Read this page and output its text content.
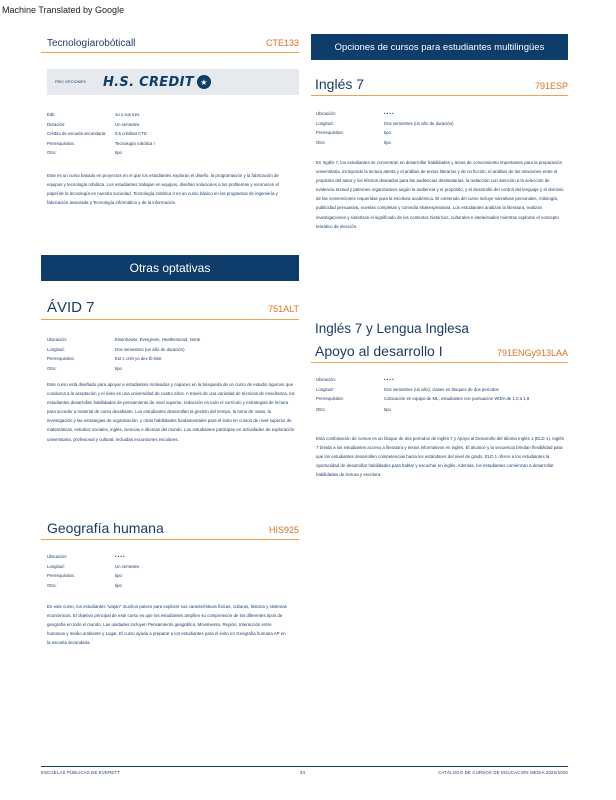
Machine Translated by Google
Tecnologíarobóticall	CTE133
PRO OPCIONES	H.S. CREDIT ★
Edit	1o s sus tres
Duración:	Un semestre
Crédito de escuela secundaria:	0,5 créditos CTE
Prerrequisitos:	Tecnología robótica I
Otro:	tipo
Este es un curso basado en proyectos en el que los estudiantes exploran el diseño, la programación y la fabricación de equipos y tecnología robótica. Los estudiantes trabajan en equipos, diseñan soluciones a los problemas y reconocen el papel de la tecnología en nuestra sociedad. Tecnología robótica II es un curso básico en los programas de ingeniería y fabricación avanzada y Tecnología informática y de la información.
Otras optativas
ÁVID 7	751ALT
Ubicación:	Eisenhower, Evergreen, Heatherwood, Norte
Longitud:	Dos semestres (un año de duración)
Prerrequisitos:	Ext s crsh yo dev tb limit
Otro:	tipo
Este curso está diseñado para apoyar a estudiantes motivados y capaces en la búsqueda de un curso de estudio riguroso que conduzca a la aceptación y el éxito en una universidad de cuatro años. A través de una variedad de técnicas de enseñanza, los estudiantes desarrollan habilidades de pensamiento de nivel superior, redacción en todo el currículo y estrategias de lectura para acceder a material de curso desafiante. Los estudiantes desarrollan la gestión del tiempo, la toma de notas, la investigación y las estrategias de organización, y otras habilidades fundamentales para el éxito en cursos de nivel superior de matemáticas, estudios sociales, inglés, ciencias e idiomas del mundo. Los estudiantes participan en actividades de exploración universitaria, profesional y cultural, incluidas excursiones escolares.
Geografía humana	HIS925
Ubicación:	• • • •
Longitud:	Un semestre
Prerrequisitos:	tipo
Otro:	tipo
En este curso, los estudiantes "viajan" muchos países para explorar sus características físicas, culturas, historia y sistemas económicos. El objetivo principal de este curso es que los estudiantes amplíen su comprensión de los diferentes tipos de geografía en todo el mundo. Las unidades incluyen Pensamiento geográfico, Movimiento, Región, Interacción entre humanos y medio ambiente y Lugar. El curso ayuda a preparar a los estudiantes para el éxito en Geografía humana AP en la escuela secundaria.
Opciones de cursos para estudiantes multilingües
Inglés 7	791ESP
Ubicación:	• • • •
Longitud:	Dos semestres (un año de duración)
Prerrequisitos:	tipo
Otro:	tipo
En Inglés 7, los estudiantes se concentran en desarrollar habilidades y áreas de conocimiento importantes para la preparación universitaria, incluyendo la lectura atenta y el análisis de textos literarios y de no ficción, el análisis de las relaciones entre el propósito del autor y los efectos deseados para las audiencias destinatarias, la redacción con atención a la selección de evidencia textual y patrones organizativos según la audiencia y el propósito, y el desarrollo del control del lenguaje y el dominio de las convenciones requeridas para la escritura académica. El contenido del curso incluye narrativas personales, mitología, publicidad persuasiva, novelas completas y comedia shakespeariana. Los estudiantes analizan la literatura, realizan investigaciones y sintetizan el significado de los contextos históricos, culturales e intelectuales mientras exploran el concepto temático de elección.
Inglés 7 y Lengua Inglesa
Apoyo al desarrollo I	791ENGy913LAA
Ubicación:	• • • •
Longitud:	Dos semestres (un año), clases en bloques de dos períodos
Prerrequisitos:	Colocación en equipo de ML, estudiantes con puntuación WIDA de 1,0 a 1,9
Otro:	tipo
Esta combinación de cursos es un bloque de dos períodos de Inglés 7 y Apoyo al Desarrollo del Idioma Inglés 1 (ELD 1). Inglés 7 brinda a los estudiantes acceso a literatura y textos informativos en inglés. El alcance y la secuencia brindan flexibilidad para que los estudiantes desarrollen competencias hacia los estándares del nivel de grado. ELD 1 ofrece a los estudiantes la oportunidad de desarrollar habilidades para hablar y escuchar en inglés. Además, los estudiantes comienzan a desarrollar habilidades de lectura y escritura.
ESCUELAS PÚBLICAS DE EVERETT	34	CATÁLOGO DE CURSOS DE EDUCACIÓN MEDIA 2025/2026
